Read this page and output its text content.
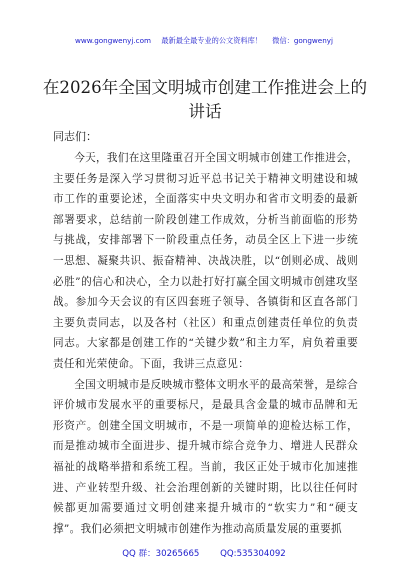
www.gongwenyj.com 最新最全最专业的公文资料库！ 微信：gongwenyj
在2026年全国文明城市创建工作推进会上的讲话
同志们：

今天，我们在这里隆重召开全国文明城市创建工作推进会，主要任务是深入学习贯彻习近平总书记关于精神文明建设和城市工作的重要论述，全面落实中央文明办和省市文明委的最新部署要求，总结前一阶段创建工作成效，分析当前面临的形势与挑战，安排部署下一阶段重点任务，动员全区上下进一步统一思想、凝聚共识、振奋精神、决战决胜，以“创则必成、战则必胜”的信心和决心，全力以赴打好打赢全国文明城市创建攻坚战。参加今天会议的有区四套班子领导、各镇街和区直各部门主要负责同志，以及各村（社区）和重点创建责任单位的负责同志。大家都是创建工作的“关键少数”和主力军，肩负着重要责任和光荣使命。下面，我讲三点意见：

全国文明城市是反映城市整体文明水平的最高荣誉，是综合评价城市发展水平的重要标尺，是最具含金量的城市品牌和无形资产。创建全国文明城市，不是一项简单的迎检达标工作，而是推动城市全面进步、提升城市综合竞争力、增进人民群众福祉的战略举措和系统工程。当前，我区正处于城市化加速推进、产业转型升级、社会治理创新的关键时期，比以往任何时候都更加需要通过文明创建来提升城市的“软实力”和“硬支撑”。我们必须把文明城市创建作为推动高质量发展的重要抓

QQ 群：30265665 QQ:535304092
